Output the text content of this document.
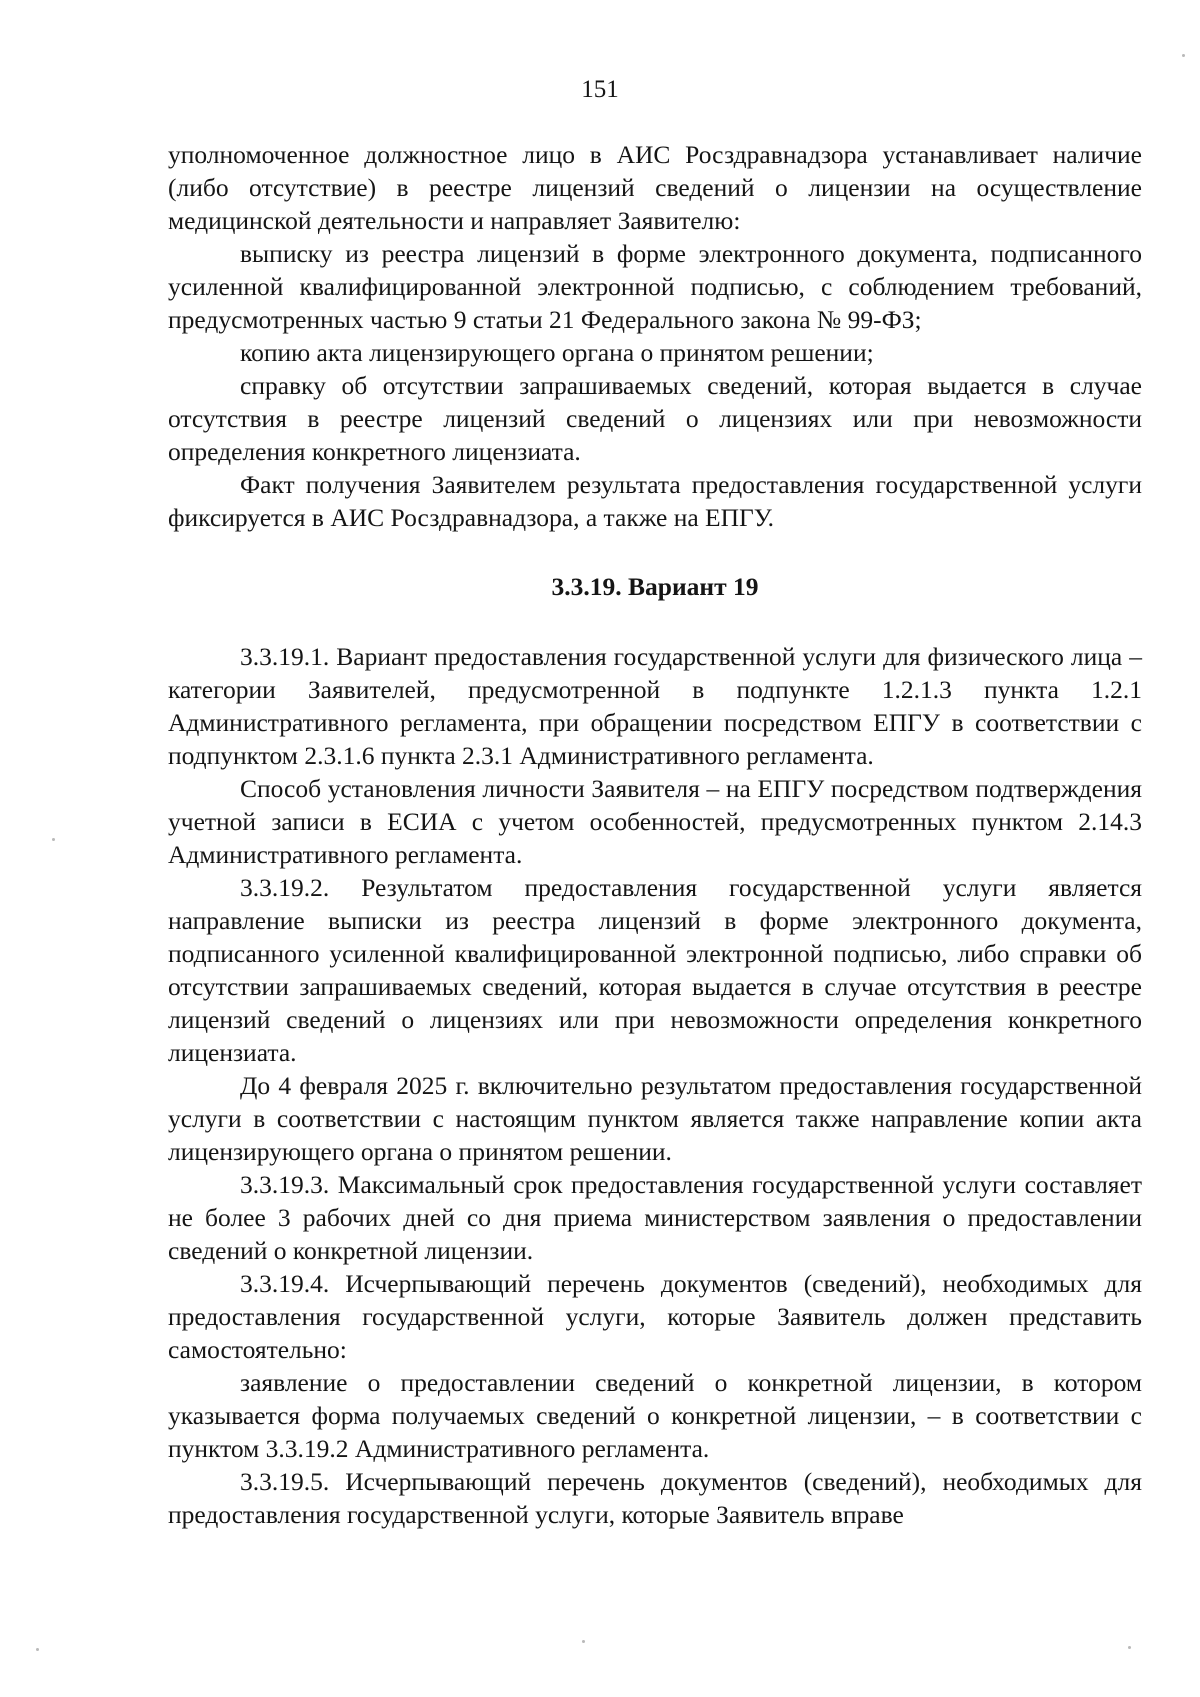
151

уполномоченное должностное лицо в АИС Росздравнадзора устанавливает наличие (либо отсутствие) в реестре лицензий сведений о лицензии на осуществление медицинской деятельности и направляет Заявителю:

выписку из реестра лицензий в форме электронного документа, подписанного усиленной квалифицированной электронной подписью, с соблюдением требований, предусмотренных частью 9 статьи 21 Федерального закона № 99-ФЗ;

копию акта лицензирующего органа о принятом решении;

справку об отсутствии запрашиваемых сведений, которая выдается в случае отсутствия в реестре лицензий сведений о лицензиях или при невозможности определения конкретного лицензиата.

Факт получения Заявителем результата предоставления государственной услуги фиксируется в АИС Росздравнадзора, а также на ЕПГУ.

3.3.19. Вариант 19

3.3.19.1. Вариант предоставления государственной услуги для физического лица – категории Заявителей, предусмотренной в подпункте 1.2.1.3 пункта 1.2.1 Административного регламента, при обращении посредством ЕПГУ в соответствии с подпунктом 2.3.1.6 пункта 2.3.1 Административного регламента.

Способ установления личности Заявителя – на ЕПГУ посредством подтверждения учетной записи в ЕСИА с учетом особенностей, предусмотренных пунктом 2.14.3 Административного регламента.

3.3.19.2. Результатом предоставления государственной услуги является направление выписки из реестра лицензий в форме электронного документа, подписанного усиленной квалифицированной электронной подписью, либо справки об отсутствии запрашиваемых сведений, которая выдается в случае отсутствия в реестре лицензий сведений о лицензиях или при невозможности определения конкретного лицензиата.

До 4 февраля 2025 г. включительно результатом предоставления государственной услуги в соответствии с настоящим пунктом является также направление копии акта лицензирующего органа о принятом решении.

3.3.19.3. Максимальный срок предоставления государственной услуги составляет не более 3 рабочих дней со дня приема министерством заявления о предоставлении сведений о конкретной лицензии.

3.3.19.4. Исчерпывающий перечень документов (сведений), необходимых для предоставления государственной услуги, которые Заявитель должен представить самостоятельно:

заявление о предоставлении сведений о конкретной лицензии, в котором указывается форма получаемых сведений о конкретной лицензии, – в соответствии с пунктом 3.3.19.2 Административного регламента.

3.3.19.5. Исчерпывающий перечень документов (сведений), необходимых для предоставления государственной услуги, которые Заявитель вправе
